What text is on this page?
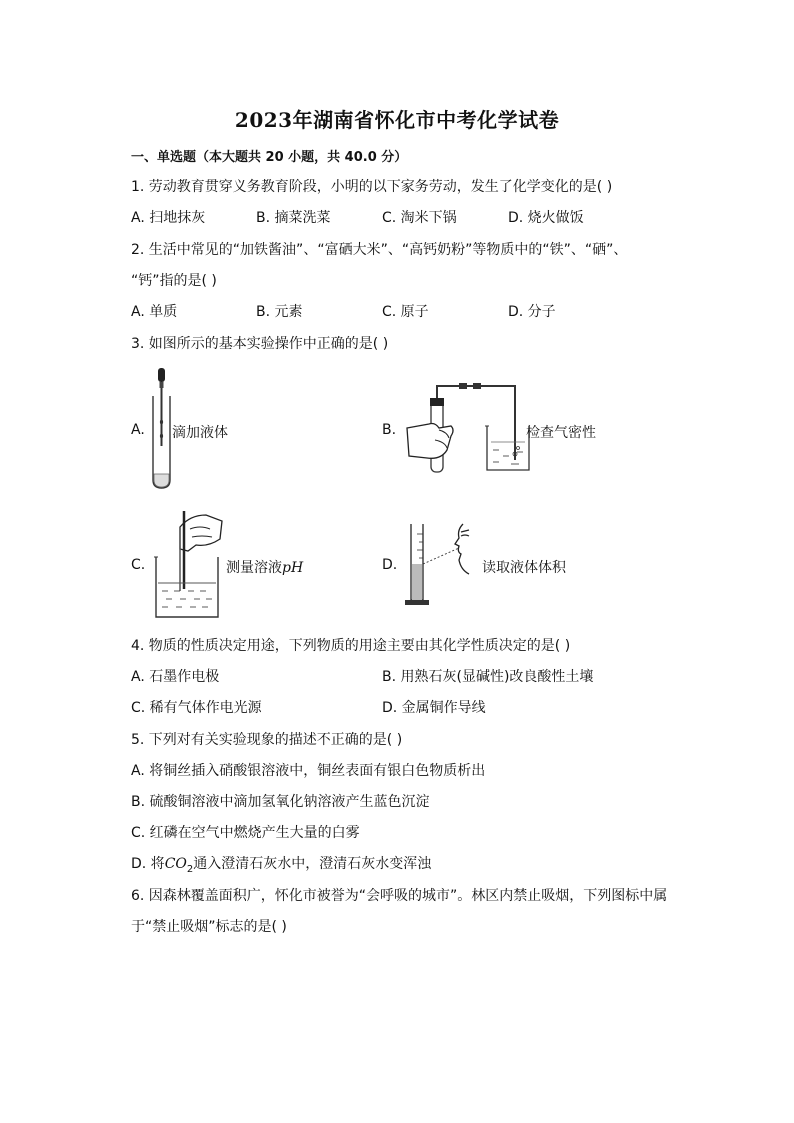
2023年湖南省怀化市中考化学试卷
一、单选题（本大题共 20 小题，共 40.0 分）
1. 劳动教育贯穿义务教育阶段，小明的以下家务劳动，发生了化学变化的是( )
A. 扫地抹灰	B. 摘菜洗菜	C. 淘米下锅	D. 烧火做饭
2. 生活中常见的“加铁酱油”、“富硒大米”、“高钙奶粉”等物质中的“铁”、“硒”、
“钙”指的是( )
A. 单质	B. 元素	C. 原子	D. 分子
3. 如图所示的基本实验操作中正确的是( )
A. 滴加液体	B.	检查气密性
C.	测量溶液pH	D.	读取液体体积
4. 物质的性质决定用途，下列物质的用途主要由其化学性质决定的是( )
A. 石墨作电极	B. 用熟石灰(显碱性)改良酸性土壤
C. 稀有气体作电光源	D. 金属铜作导线
5. 下列对有关实验现象的描述不正确的是( )
A. 将铜丝插入硝酸银溶液中，铜丝表面有银白色物质析出
B. 硫酸铜溶液中滴加氢氧化钠溶液产生蓝色沉淀
C. 红磷在空气中燃烧产生大量的白雾
D. 将$CO_2$通入澄清石灰水中，澄清石灰水变浑浊
6. 因森林覆盖面积广，怀化市被誉为“会呼吸的城市”。林区内禁止吸烟，下列图标中属
于“禁止吸烟”标志的是( )
